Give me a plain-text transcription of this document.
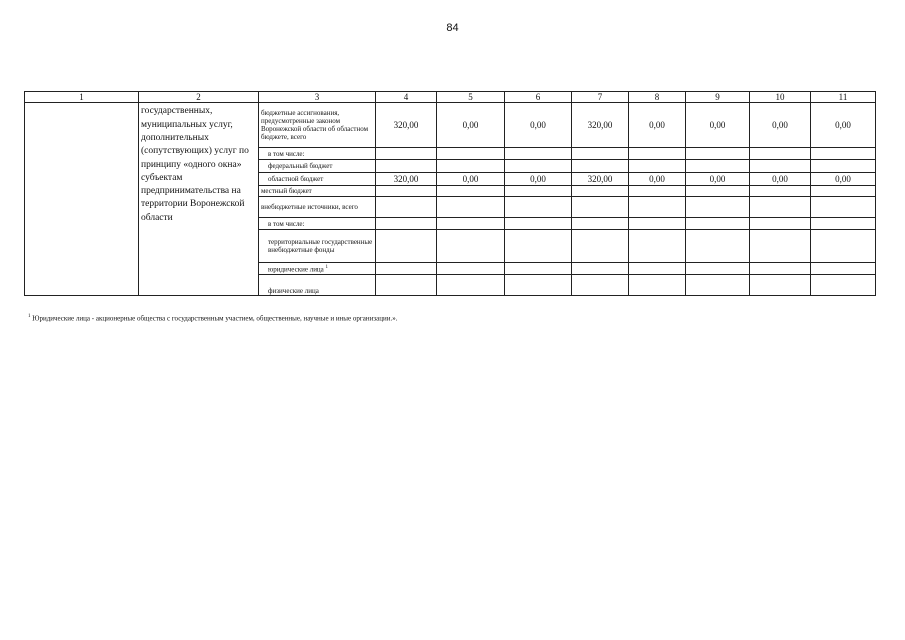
84
1	2	3	4	5	6	7	8	9	10	11
	государственных, муниципальных услуг, дополнительных (сопутствующих) услуг по принципу «одного окна» субъектам предпринимательства на территории Воронежской области	бюджетные ассигнования, предусмотренные законом Воронежской области об областном бюджете, всего	320,00	0,00	0,00	320,00	0,00	0,00	0,00	0,00
		в том числе:								
		федеральный бюджет								
		областной бюджет	320,00	0,00	0,00	320,00	0,00	0,00	0,00	0,00
		местный бюджет								
		внебюджетные источники, всего								
		в том числе:								
		территориальные государственные внебюджетные фонды								
		юридические лица $^1$								
		физические лица								
$^1$ Юридические лица - акционерные общества с государственным участием, общественные, научные и иные организации.».
